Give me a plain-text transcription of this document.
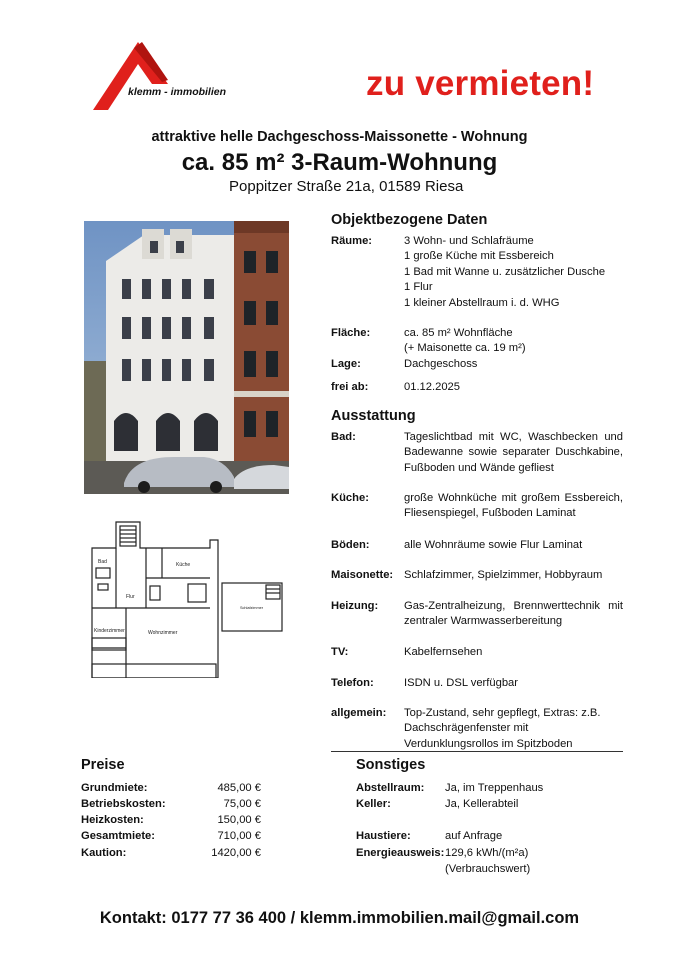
klemm - immobilien	zu vermieten!
attraktive helle Dachgeschoss-Maissonette - Wohnung
ca. 85 m² 3-Raum-Wohnung
Poppitzer Straße 21a, 01589 Riesa
Bad	Küche
Flur
Kinderzimmer	Wohnzimmer
Schlafzimmer
Objektbezogene Daten
Räume:	3 Wohn- und Schlafräume
1 große Küche mit Essbereich
1 Bad mit Wanne u. zusätzlicher Dusche
1 Flur
1 kleiner Abstellraum i. d. WHG
Fläche:	ca. 85 m² Wohnfläche
(+ Maisonette ca. 19 m²)
Lage:	Dachgeschoss
frei ab:	01.12.2025
Ausstattung
Bad:	Tageslichtbad mit WC, Waschbecken und Badewanne sowie separater Duschkabine, Fußboden und Wände gefliest
Küche:	große Wohnküche mit großem Essbereich, Fliesenspiegel, Fußboden Laminat
Böden:	alle Wohnräume sowie Flur Laminat
Maisonette: Schlafzimmer, Spielzimmer, Hobbyraum
Heizung: Gas-Zentralheizung, Brennwerttechnik mit zentraler Warmwasserbereitung
TV:	Kabelfernsehen
Telefon:	ISDN u. DSL verfügbar
allgemein: Top-Zustand, sehr gepflegt, Extras: z.B. Dachschrägenfenster mit Verdunklungsrollos im Spitzboden
Preise
Grundmiete:	485,00 €
Betriebskosten:	75,00 €
Heizkosten:	150,00 €
Gesamtmiete:	710,00 €
Kaution:	1420,00 €
Sonstiges
Abstellraum: Ja, im Treppenhaus
Keller:	Ja, Kellerabteil
Haustiere:	auf Anfrage
Energieausweis: 129,6 kWh/(m²a)
(Verbrauchswert)
Kontakt: 0177 77 36 400 / klemm.immobilien.mail@gmail.com
